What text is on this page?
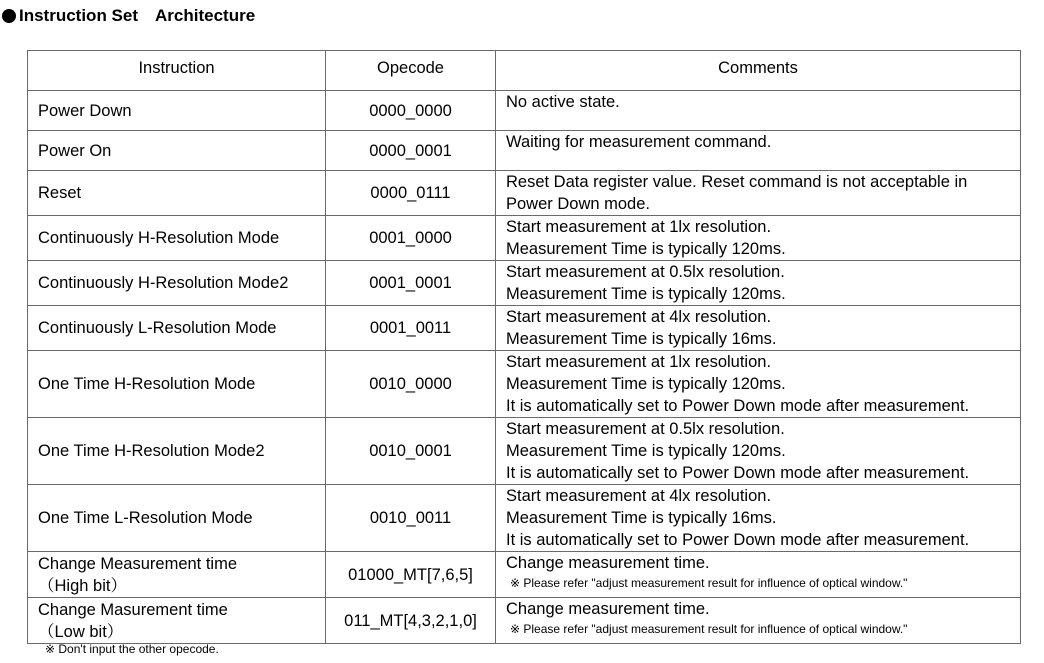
Instruction Set Architecture
Instruction	Opecode	Comments

Power Down	0000_0000	No active state.

Power On	0000_0001	Waiting for measurement command.

Reset	0000_0111	Reset Data register value. Reset command is not acceptable in
Power Down mode.

Continuously H-Resolution Mode	0001_0000	Start measurement at 1lx resolution.
Measurement Time is typically 120ms.

Continuously H-Resolution Mode2	0001_0001	Start measurement at 0.5lx resolution.
Measurement Time is typically 120ms.

Continuously L-Resolution Mode	0001_0011	Start measurement at 4lx resolution.
Measurement Time is typically 16ms.

One Time H-Resolution Mode	0010_0000	Start measurement at 1lx resolution.
Measurement Time is typically 120ms.
It is automatically set to Power Down mode after measurement.

One Time H-Resolution Mode2	0010_0001	Start measurement at 0.5lx resolution.
Measurement Time is typically 120ms.
It is automatically set to Power Down mode after measurement.

One Time L-Resolution Mode	0010_0011	Start measurement at 4lx resolution.
Measurement Time is typically 16ms.
It is automatically set to Power Down mode after measurement.

Change Measurement time
（High bit）	01000_MT[7,6,5]	Change measurement time.
※ Please refer "adjust measurement result for influence of optical window."

Change Masurement time
（Low bit）	011_MT[4,3,2,1,0]	Change measurement time.
※ Please refer "adjust measurement result for influence of optical window."
※ Don't input the other opecode.
